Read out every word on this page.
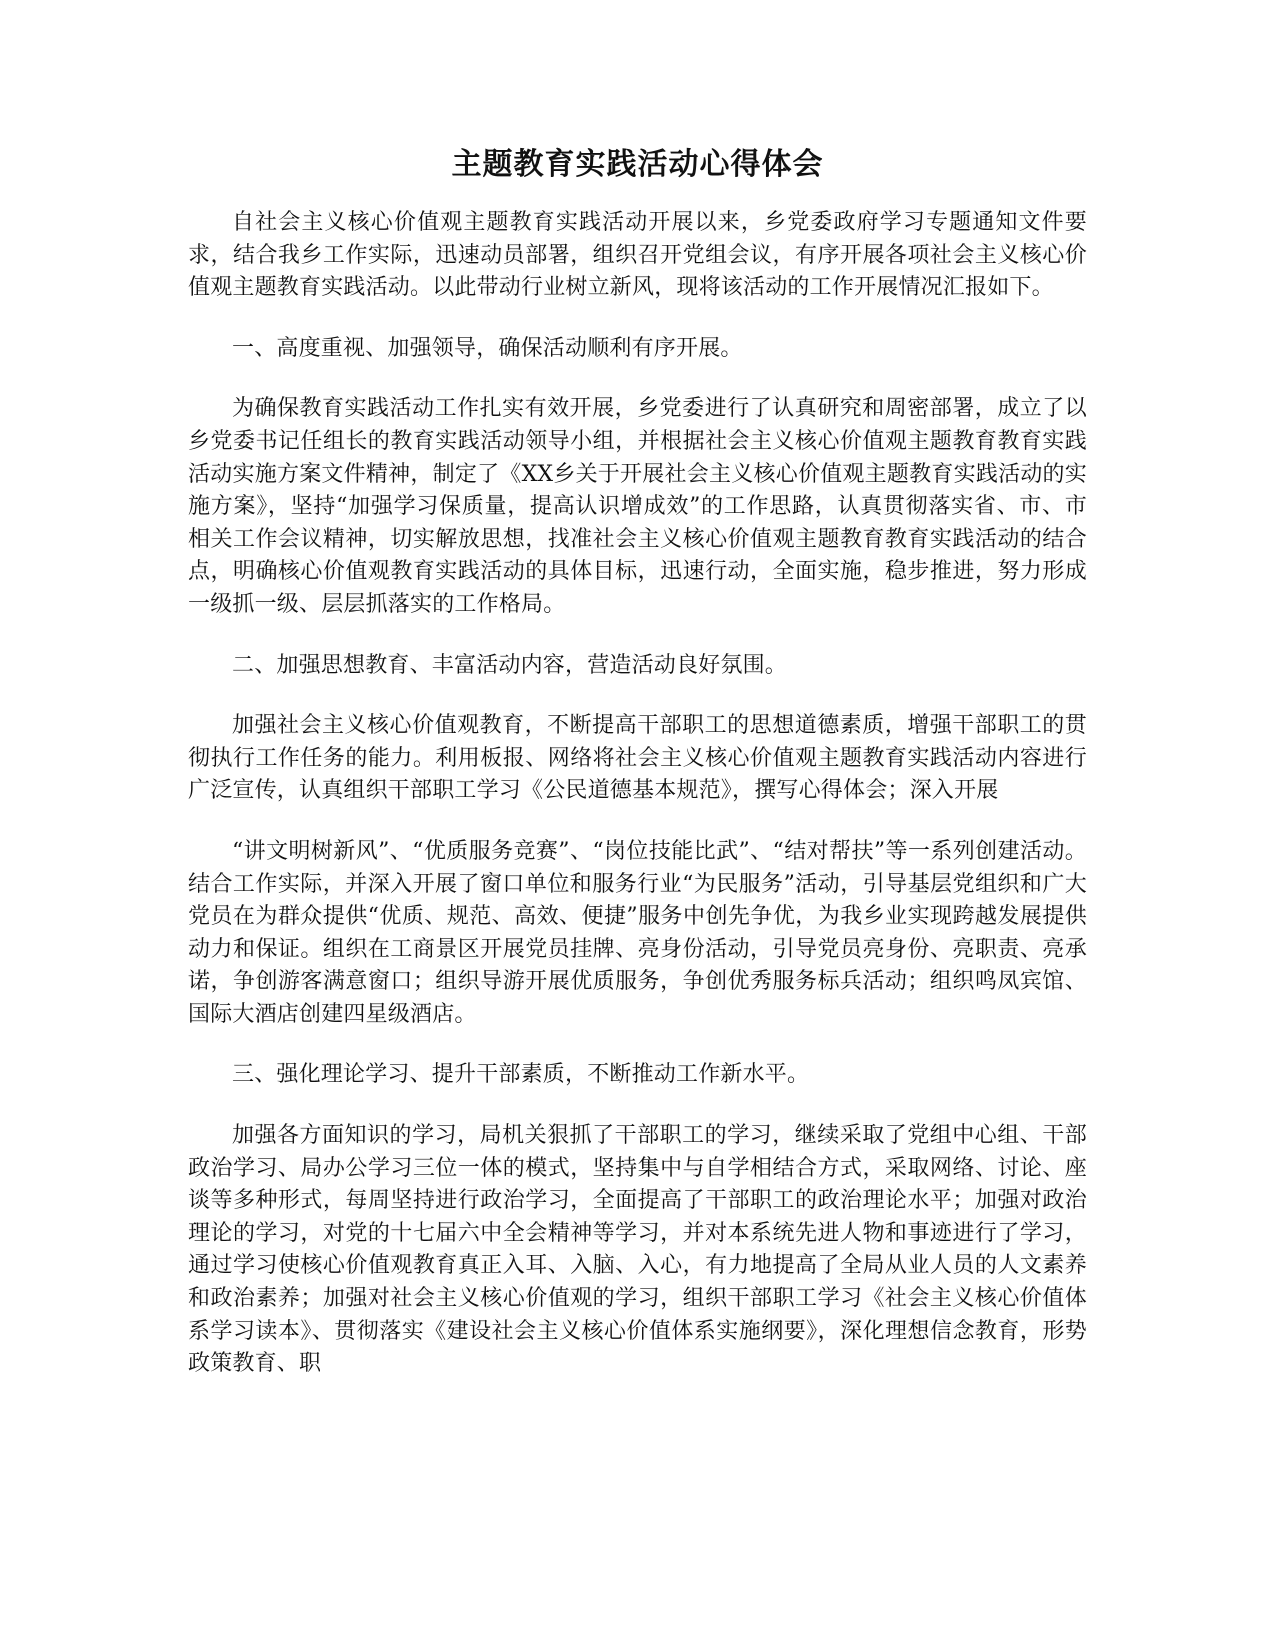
主题教育实践活动心得体会

自社会主义核心价值观主题教育实践活动开展以来，乡党委政府学习专题通知文件要求，结合我乡工作实际，迅速动员部署，组织召开党组会议，有序开展各项社会主义核心价值观主题教育实践活动。以此带动行业树立新风，现将该活动的工作开展情况汇报如下。

一、高度重视、加强领导，确保活动顺利有序开展。

为确保教育实践活动工作扎实有效开展，乡党委进行了认真研究和周密部署，成立了以乡党委书记任组长的教育实践活动领导小组，并根据社会主义核心价值观主题教育教育实践活动实施方案文件精神，制定了《XX乡关于开展社会主义核心价值观主题教育实践活动的实施方案》，坚持“加强学习保质量，提高认识增成效”的工作思路，认真贯彻落实省、市、市相关工作会议精神，切实解放思想，找准社会主义核心价值观主题教育教育实践活动的结合点，明确核心价值观教育实践活动的具体目标，迅速行动，全面实施，稳步推进，努力形成一级抓一级、层层抓落实的工作格局。

二、加强思想教育、丰富活动内容，营造活动良好氛围。

加强社会主义核心价值观教育，不断提高干部职工的思想道德素质，增强干部职工的贯彻执行工作任务的能力。利用板报、网络将社会主义核心价值观主题教育实践活动内容进行广泛宣传，认真组织干部职工学习《公民道德基本规范》，撰写心得体会；深入开展

“讲文明树新风”、“优质服务竞赛”、“岗位技能比武”、“结对帮扶”等一系列创建活动。结合工作实际，并深入开展了窗口单位和服务行业“为民服务”活动，引导基层党组织和广大党员在为群众提供“优质、规范、高效、便捷”服务中创先争优，为我乡业实现跨越发展提供动力和保证。组织在工商景区开展党员挂牌、亮身份活动，引导党员亮身份、亮职责、亮承诺，争创游客满意窗口；组织导游开展优质服务，争创优秀服务标兵活动；组织鸣凤宾馆、国际大酒店创建四星级酒店。

三、强化理论学习、提升干部素质，不断推动工作新水平。

加强各方面知识的学习，局机关狠抓了干部职工的学习，继续采取了党组中心组、干部政治学习、局办公学习三位一体的模式，坚持集中与自学相结合方式，采取网络、讨论、座谈等多种形式，每周坚持进行政治学习，全面提高了干部职工的政治理论水平；加强对政治理论的学习，对党的十七届六中全会精神等学习，并对本系统先进人物和事迹进行了学习，通过学习使核心价值观教育真正入耳、入脑、入心，有力地提高了全局从业人员的人文素养和政治素养；加强对社会主义核心价值观的学习，组织干部职工学习《社会主义核心价值体系学习读本》、贯彻落实《建设社会主义核心价值体系实施纲要》，深化理想信念教育，形势政策教育、职
